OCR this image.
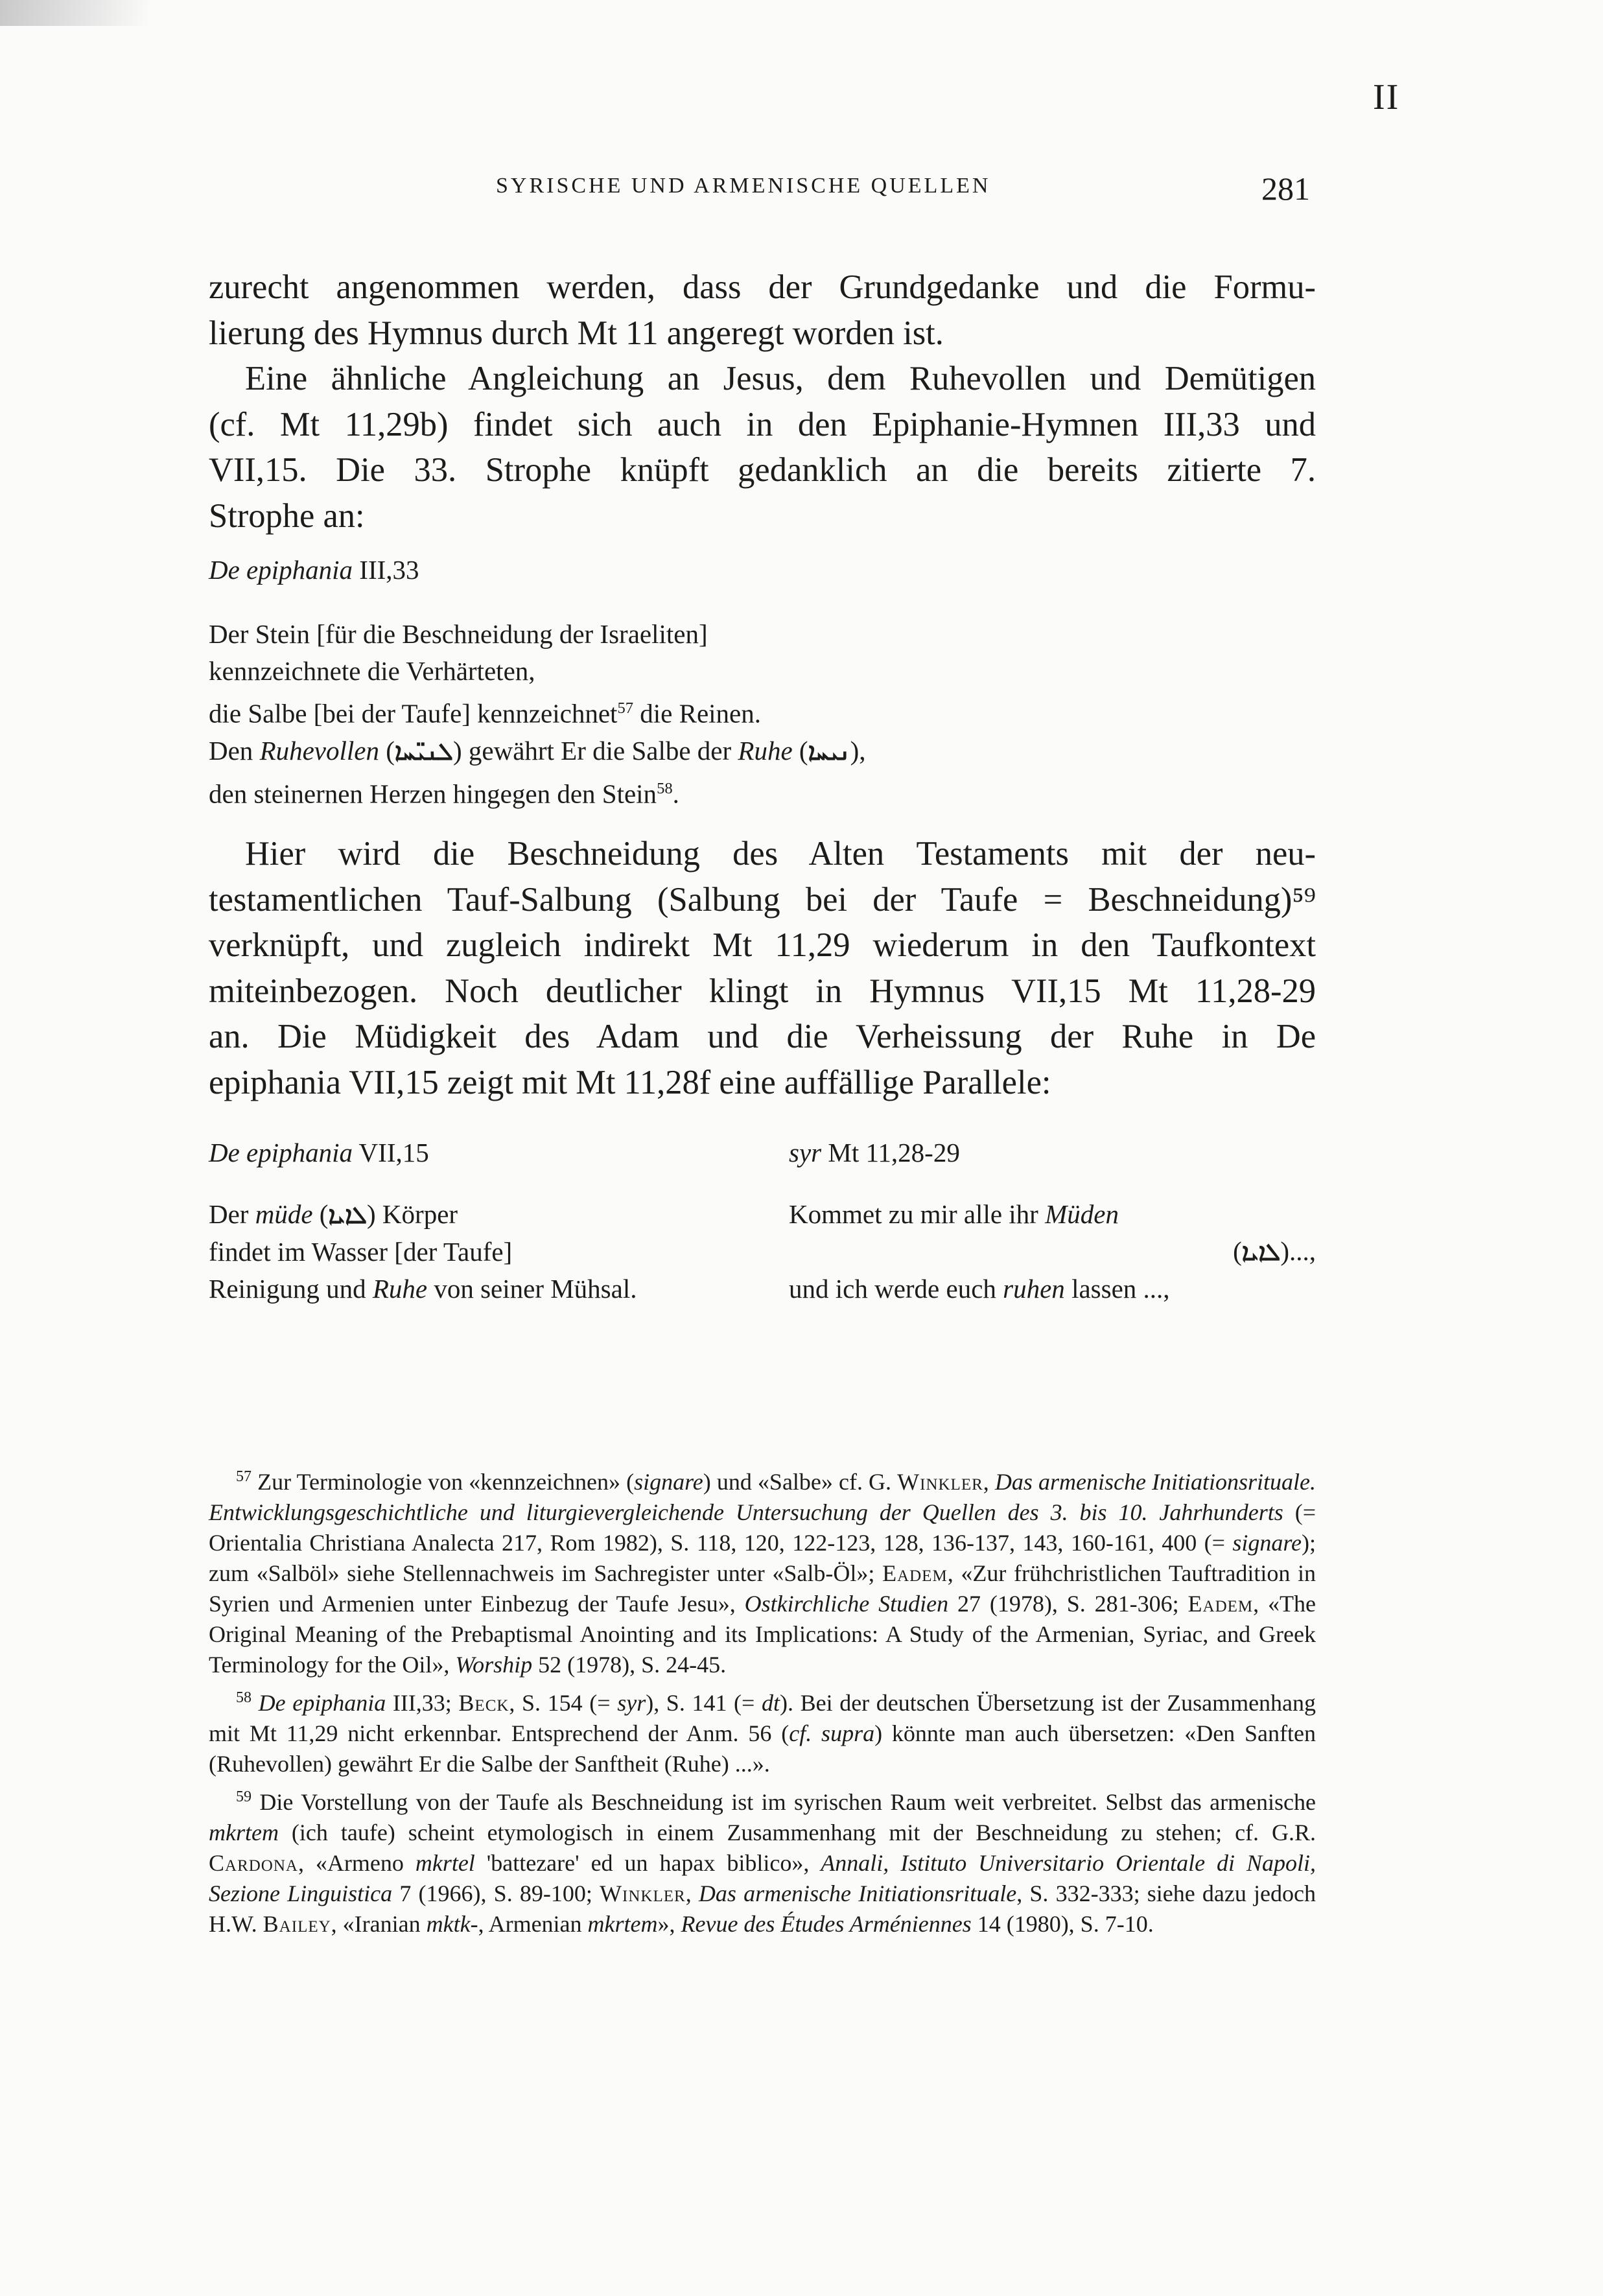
II
SYRISCHE UND ARMENISCHE QUELLEN	281
zurecht angenommen werden, dass der Grundgedanke und die Formu-
lierung des Hymnus durch Mt 11 angeregt worden ist.
Eine ähnliche Angleichung an Jesus, dem Ruhevollen und Demütigen
(cf. Mt 11,29b) findet sich auch in den Epiphanie-Hymnen III,33 und
VII,15. Die 33. Strophe knüpft gedanklich an die bereits zitierte 7.
Strophe an:
De epiphania III,33
Der Stein [für die Beschneidung der Israeliten]
kennzeichnete die Verhärteten,
die Salbe [bei der Taufe] kennzeichnet$^{57}$ die Reinen.
Den Ruhevollen (ܠܢܝ̈ܚܐ) gewährt Er die Salbe der Ruhe (ܢܝܚܐ),
den steinernen Herzen hingegen den Stein$^{58}$.
Hier wird die Beschneidung des Alten Testaments mit der neu-
testamentlichen Tauf-Salbung (Salbung bei der Taufe = Beschneidung)⁵⁹
verknüpft, und zugleich indirekt Mt 11,29 wiederum in den Taufkontext
miteinbezogen. Noch deutlicher klingt in Hymnus VII,15 Mt 11,28-29
an. Die Müdigkeit des Adam und die Verheissung der Ruhe in De
epiphania VII,15 zeigt mit Mt 11,28f eine auffällige Parallele:
De epiphania VII,15
Der müde (ܠܐܝܐ) Körper
findet im Wasser [der Taufe]
Reinigung und Ruhe von seiner Mühsal.
syr Mt 11,28-29
Kommet zu mir alle ihr Müden
(ܠܐܝܐ)...,
und ich werde euch ruhen lassen ...,
$^{57}$ Zur Terminologie von «kennzeichnen» (signare) und «Salbe» cf. G. Winkler, Das armenische Initiationsrituale. Entwicklungsgeschichtliche und liturgievergleichende Untersuchung der Quellen des 3. bis 10. Jahrhunderts (= Orientalia Christiana Analecta 217, Rom 1982), S. 118, 120, 122-123, 128, 136-137, 143, 160-161, 400 (= signare); zum «Salböl» siehe Stellennachweis im Sachregister unter «Salb-Öl»; Eadem, «Zur frühchristlichen Tauftradition in Syrien und Armenien unter Einbezug der Taufe Jesu», Ostkirchliche Studien 27 (1978), S. 281-306; Eadem, «The Original Meaning of the Prebaptismal Anointing and its Implications: A Study of the Armenian, Syriac, and Greek Terminology for the Oil», Worship 52 (1978), S. 24-45.
$^{58}$ De epiphania III,33; Beck, S. 154 (= syr), S. 141 (= dt). Bei der deutschen Übersetzung ist der Zusammenhang mit Mt 11,29 nicht erkennbar. Entsprechend der Anm. 56 (cf. supra) könnte man auch übersetzen: «Den Sanften (Ruhevollen) gewährt Er die Salbe der Sanftheit (Ruhe) ...».
$^{59}$ Die Vorstellung von der Taufe als Beschneidung ist im syrischen Raum weit verbreitet. Selbst das armenische mkrtem (ich taufe) scheint etymologisch in einem Zusammenhang mit der Beschneidung zu stehen; cf. G.R. Cardona, «Armeno mkrtel 'battezare' ed un hapax biblico», Annali, Istituto Universitario Orientale di Napoli, Sezione Linguistica 7 (1966), S. 89-100; Winkler, Das armenische Initiationsrituale, S. 332-333; siehe dazu jedoch H.W. Bailey, «Iranian mktk-, Armenian mkrtem», Revue des Études Arméniennes 14 (1980), S. 7-10.
